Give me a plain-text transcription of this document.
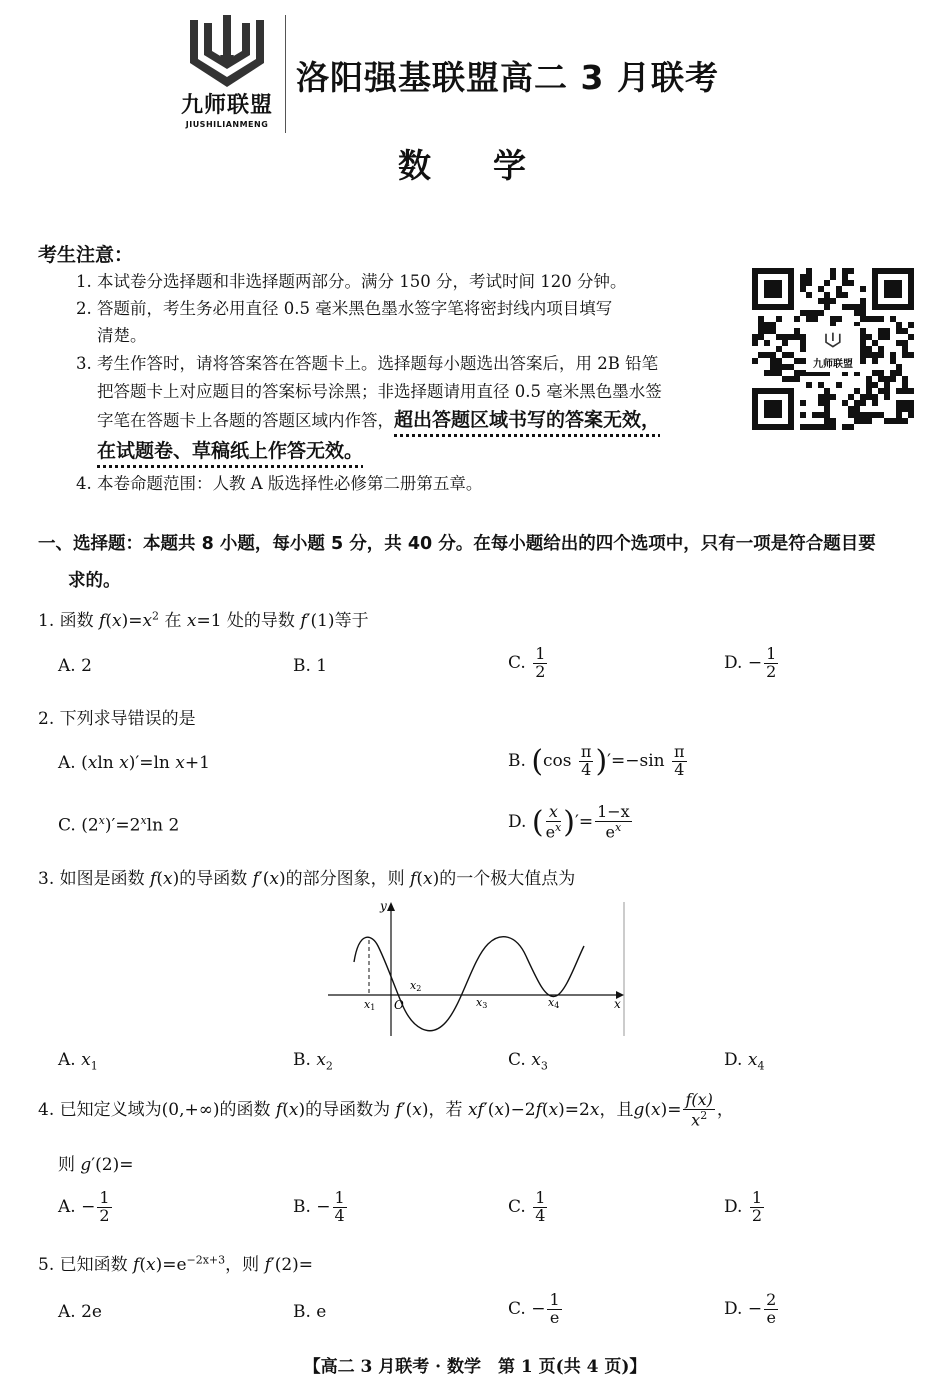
九师联盟
JIUSHILIANMENG
洛阳强基联盟高二 3 月联考
数学
考生注意：
1. 本试卷分选择题和非选择题两部分。满分 150 分，考试时间 120 分钟。
2. 答题前，考生务必用直径 0.5 毫米黑色墨水签字笔将密封线内项目填写
清楚。
3. 考生作答时，请将答案答在答题卡上。选择题每小题选出答案后，用 2B 铅笔
把答题卡上对应题目的答案标号涂黑；非选择题请用直径 0.5 毫米黑色墨水签
字笔在答题卡上各题的答题区域内作答，超出答题区域书写的答案无效，
在试题卷、草稿纸上作答无效。
4. 本卷命题范围：人教 A 版选择性必修第二册第五章。
九师联盟
一、选择题：本题共 8 小题，每小题 5 分，共 40 分。在每小题给出的四个选项中，只有一项是符合题目要
求的。
1. 函数 $f(x)=x^2$ 在 x=1 处的导数 f′(1)等于
A. 2	B. 1	C. $\frac{1}{2}$	D. − $\frac{1}{2}$
2. 下列求导错误的是
A. (xln x)′=ln x+1	B. $(\cos \frac{\pi}{4} )'=-\sin \frac{\pi}{4}$
C. $(2^x)'=2^x\ln$ 2	D. ( $\frac{x}{e^x}$ )′= $\frac{1-x}{e^x}$
3. 如图是函数 f(x)的导函数 f′(x)的部分图象，则 f(x)的一个极大值点为
y
x
O
x1
x2
x3	x4
A. $x_1$	B. $x_2$	C. $x_3$	D. $x_4$
4. 已知定义域为(0,+∞)的函数 f(x)的导函数为 f′(x)，若 xf′(x)−2f(x)=2x，且$g(x)= \frac{f(x)}{x^2}$ ，
则 g′(2)=
A. − $\frac{1}{2}$	B. − $\frac{1}{4}$	C. $\frac{1}{4}$	D. $\frac{1}{2}$
5. 已知函数 $f(x)=e^{-2x+3}$，则 f′(2)=
A. 2e	B. e	C. − $\frac{1}{e}$	D. − $\frac{2}{e}$
【高二 3 月联考 · 数学　第 1 页(共 4 页)】
